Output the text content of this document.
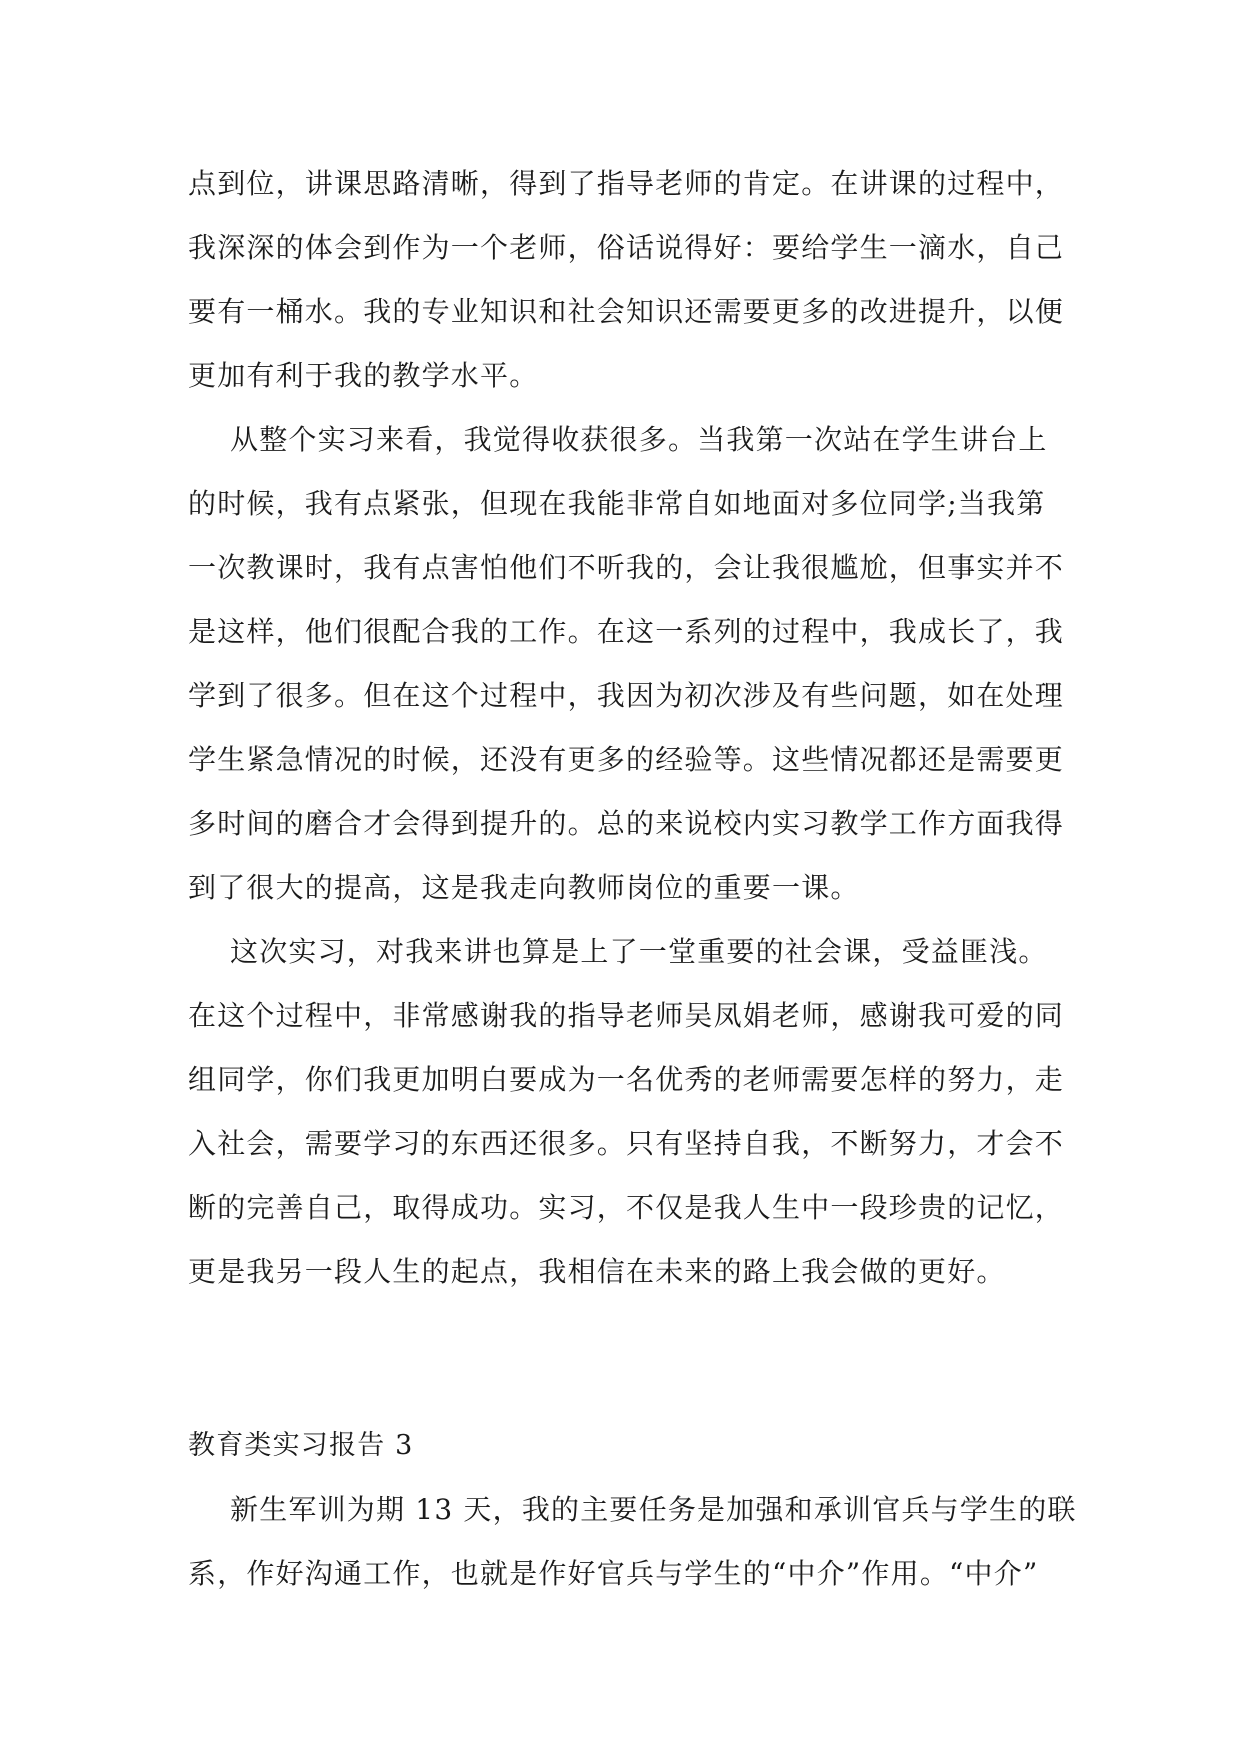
点到位，讲课思路清晰，得到了指导老师的肯定。在讲课的过程中，
我深深的体会到作为一个老师，俗话说得好：要给学生一滴水，自己
要有一桶水。我的专业知识和社会知识还需要更多的改进提升，以便
更加有利于我的教学水平。
从整个实习来看，我觉得收获很多。当我第一次站在学生讲台上
的时候，我有点紧张，但现在我能非常自如地面对多位同学;当我第
一次教课时，我有点害怕他们不听我的，会让我很尴尬，但事实并不
是这样，他们很配合我的工作。在这一系列的过程中，我成长了，我
学到了很多。但在这个过程中，我因为初次涉及有些问题，如在处理
学生紧急情况的时候，还没有更多的经验等。这些情况都还是需要更
多时间的磨合才会得到提升的。总的来说校内实习教学工作方面我得
到了很大的提高，这是我走向教师岗位的重要一课。
这次实习，对我来讲也算是上了一堂重要的社会课，受益匪浅。
在这个过程中，非常感谢我的指导老师吴凤娟老师，感谢我可爱的同
组同学，你们我更加明白要成为一名优秀的老师需要怎样的努力，走
入社会，需要学习的东西还很多。只有坚持自我，不断努力，才会不
断的完善自己，取得成功。实习，不仅是我人生中一段珍贵的记忆，
更是我另一段人生的起点，我相信在未来的路上我会做的更好。
教育类实习报告 3
新生军训为期 13 天，我的主要任务是加强和承训官兵与学生的联
系，作好沟通工作，也就是作好官兵与学生的“中介”作用。“中介”
